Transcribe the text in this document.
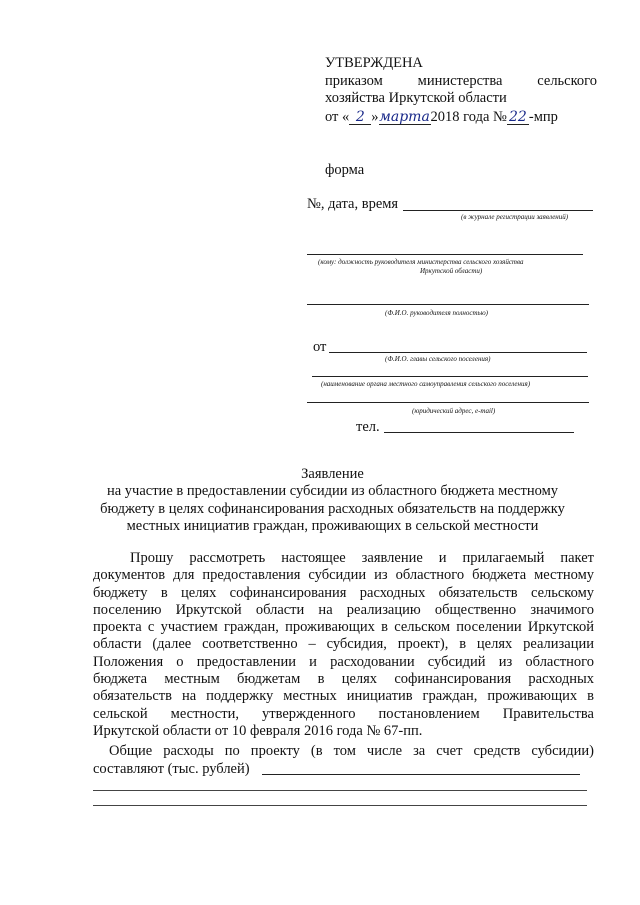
УТВЕРЖДЕНА
приказом министерства сельского
хозяйства Иркутской области
от « 2 »марта2018 года № 22 -мпр
форма
№, дата, время
(в журнале регистрации заявлений)
(кому: должность руководителя министерства сельского хозяйства
Иркутской области)
(Ф.И.О. руководителя полностью)
от
(Ф.И.О. главы сельского поселения)
(наименование органа местного самоуправления сельского поселения)
(юридический адрес, e-mail)
тел.
Заявление
на участие в предоставлении субсидии из областного бюджета местному
бюджету в целях софинансирования расходных обязательств на поддержку
местных инициатив граждан, проживающих в сельской местности
Прошу рассмотреть настоящее заявление и прилагаемый пакет
документов для предоставления субсидии из областного бюджета местному
бюджету в целях софинансирования расходных обязательств сельскому
поселению Иркутской области на реализацию общественно значимого
проекта с участием граждан, проживающих в сельском поселении Иркутской
области (далее соответственно – субсидия, проект), в целях реализации
Положения о предоставлении и расходовании субсидий из областного
бюджета местным бюджетам в целях софинансирования расходных
обязательств на поддержку местных инициатив граждан, проживающих в
сельской местности, утвержденного постановлением Правительства
Иркутской области от 10 февраля 2016 года № 67-пп.
Общие расходы по проекту (в том числе за счет средств субсидии)
составляют (тыс. рублей)
